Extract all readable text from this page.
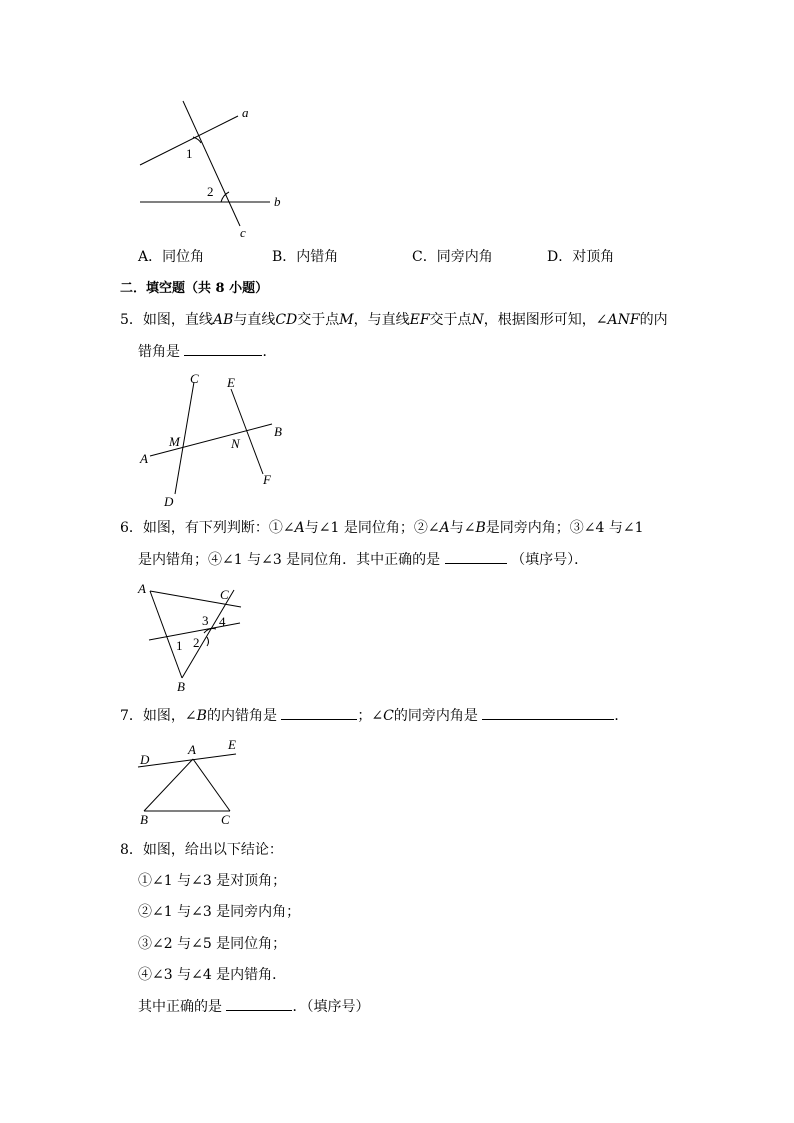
a
b
c
1
2
A．同位角	B．内错角	C．同旁内角	D．对顶角
二．填空题（共 8 小题）
5．如图，直线AB与直线CD交于点M，与直线EF交于点N，根据图形可知，∠ANF的内
错角是	．
A
B
C
D
E
F
M	N
6．如图，有下列判断：①∠A与∠1 是同位角；②∠A与∠B是同旁内角；③∠4 与∠1
是内错角；④∠1 与∠3 是同位角．其中正确的是	（填序号）．
A
B
C
1 2
3 4
7．如图，∠B的内错角是	；∠C的同旁内角是	．
A
B	C
D
E
8．如图，给出以下结论：
①∠1 与∠3 是对顶角；
②∠1 与∠3 是同旁内角；
③∠2 与∠5 是同位角；
④∠3 与∠4 是内错角．
其中正确的是	．（填序号）
